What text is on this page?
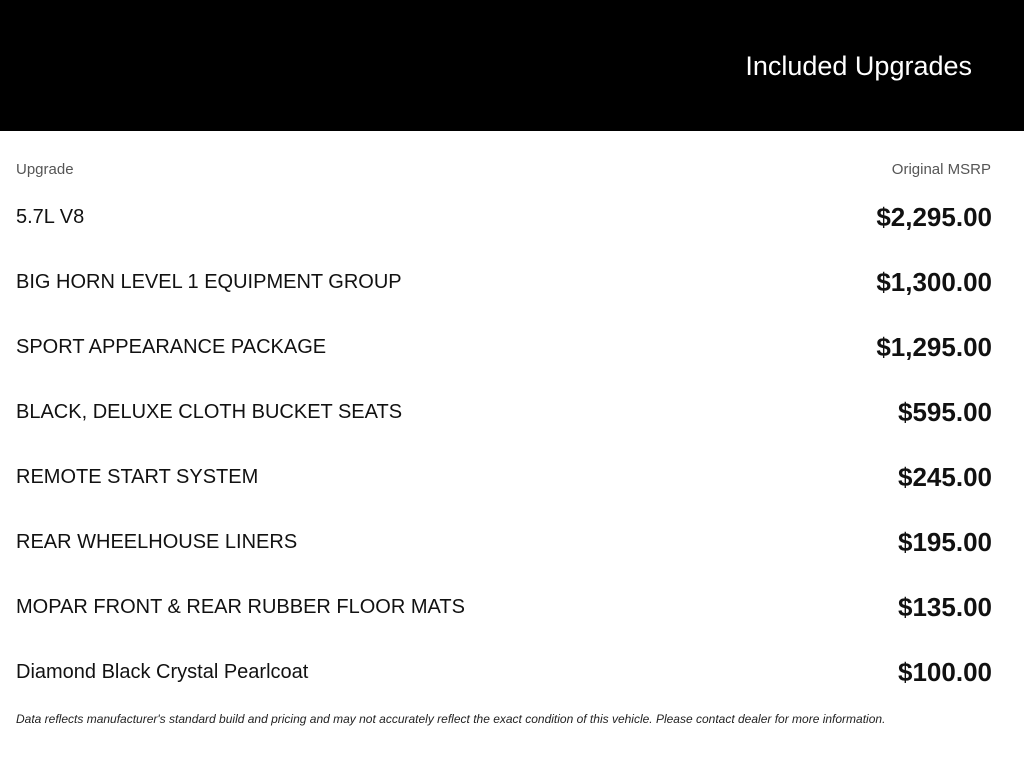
Included Upgrades
Upgrade	Original MSRP
5.7L V8	$2,295.00
BIG HORN LEVEL 1 EQUIPMENT GROUP	$1,300.00
SPORT APPEARANCE PACKAGE	$1,295.00
BLACK, DELUXE CLOTH BUCKET SEATS	$595.00
REMOTE START SYSTEM	$245.00
REAR WHEELHOUSE LINERS	$195.00
MOPAR FRONT & REAR RUBBER FLOOR MATS	$135.00
Diamond Black Crystal Pearlcoat	$100.00
Data reflects manufacturer's standard build and pricing and may not accurately reflect the exact condition of this vehicle. Please contact dealer for more information.
